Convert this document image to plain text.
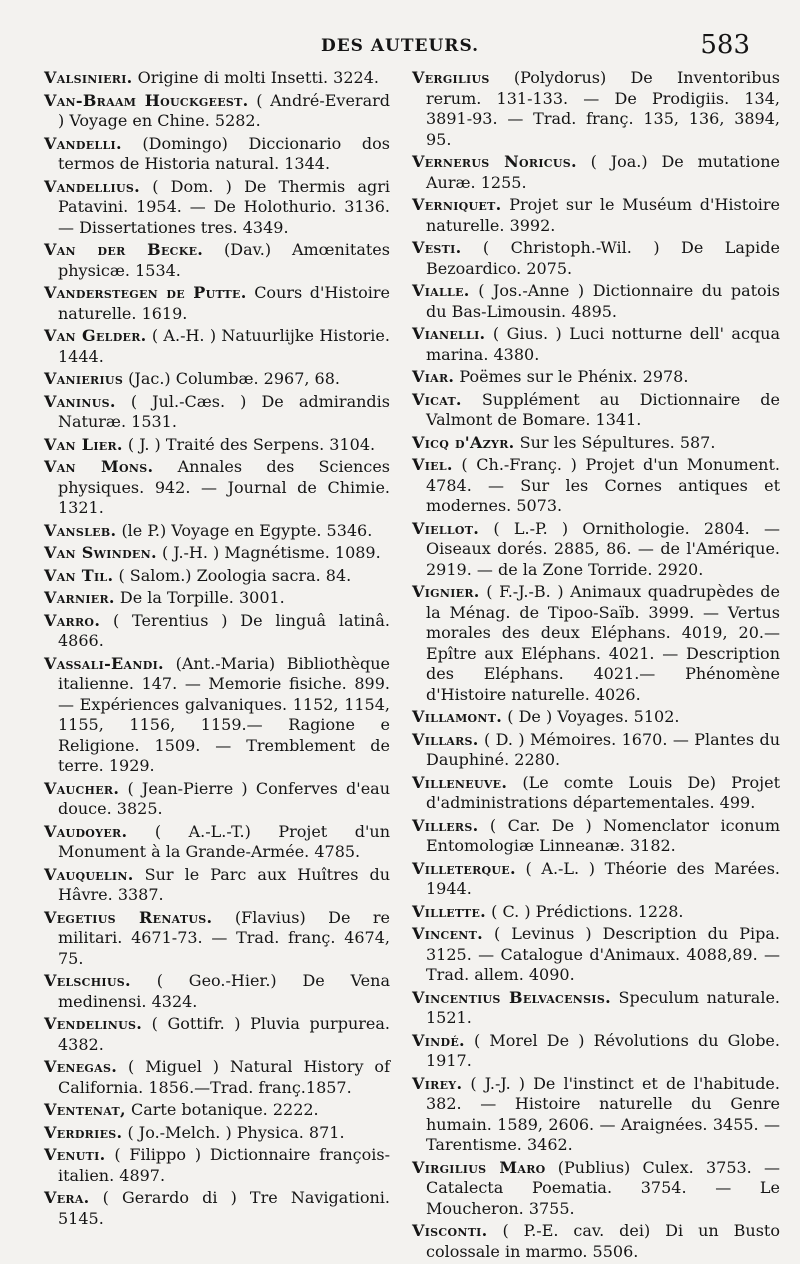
DES AUTEURS.	583

Valsinieri. Origine di molti Insetti. 3224.

Van-Braam Houckgeest. ( André-Everard ) Voyage en Chine. 5282.

Vandelli. (Domingo) Diccionario dos termos de Historia natural. 1344.

Vandellius. ( Dom. ) De Thermis agri Patavini. 1954. — De Holothurio. 3136. — Dissertationes tres. 4349.

Van der Becke. (Dav.) Amœnitates physicæ. 1534.

Vanderstegen de Putte. Cours d'Histoire naturelle. 1619.

Van Gelder. ( A.-H. ) Natuurlijke Historie. 1444.

Vanierius (Jac.) Columbæ. 2967, 68.

Vaninus. ( Jul.-Cæs. ) De admirandis Naturæ. 1531.

Van Lier. ( J. ) Traité des Serpens. 3104.

Van Mons. Annales des Sciences physiques. 942. — Journal de Chimie. 1321.

Vansleb. (le P.) Voyage en Egypte. 5346.

Van Swinden. ( J.-H. ) Magnétisme. 1089.

Van Til. ( Salom.) Zoologia sacra. 84.

Varnier. De la Torpille. 3001.

Varro. ( Terentius ) De linguâ latinâ. 4866.

Vassali-Eandi. (Ant.-Maria) Bibliothèque italienne. 147. — Memorie fisiche. 899. — Expériences galvaniques. 1152, 1154, 1155, 1156, 1159.— Ragione e Religione. 1509. — Tremblement de terre. 1929.

Vaucher. ( Jean-Pierre ) Conferves d'eau douce. 3825.

Vaudoyer. ( A.-L.-T.) Projet d'un Monument à la Grande-Armée. 4785.

Vauquelin. Sur le Parc aux Huîtres du Hâvre. 3387.

Vegetius Renatus. (Flavius) De re militari. 4671-73. — Trad. franç. 4674, 75.

Velschius. ( Geo.-Hier.) De Vena medinensi. 4324.

Vendelinus. ( Gottifr. ) Pluvia purpurea. 4382.

Venegas. ( Miguel ) Natural History of California. 1856.—Trad. franç.1857.

Ventenat, Carte botanique. 2222.

Verdries. ( Jo.-Melch. ) Physica. 871.

Venuti. ( Filippo ) Dictionnaire françois-italien. 4897.

Vera. ( Gerardo di ) Tre Navigationi. 5145.

Vergilius (Polydorus) De Inventoribus rerum. 131-133. — De Prodigiis. 134, 3891-93. — Trad. franç. 135, 136, 3894, 95.

Vernerus Noricus. ( Joa.) De mutatione Auræ. 1255.

Verniquet. Projet sur le Muséum d'Histoire naturelle. 3992.

Vesti. ( Christoph.-Wil. ) De Lapide Bezoardico. 2075.

Vialle. ( Jos.-Anne ) Dictionnaire du patois du Bas-Limousin. 4895.

Vianelli. ( Gius. ) Luci notturne dell' acqua marina. 4380.

Viar. Poëmes sur le Phénix. 2978.

Vicat. Supplément au Dictionnaire de Valmont de Bomare. 1341.

Vicq d'Azyr. Sur les Sépultures. 587.

Viel. ( Ch.-Franç. ) Projet d'un Monument. 4784. — Sur les Cornes antiques et modernes. 5073.

Viellot. ( L.-P. ) Ornithologie. 2804. — Oiseaux dorés. 2885, 86. — de l'Amérique. 2919. — de la Zone Torride. 2920.

Vignier. ( F.-J.-B. ) Animaux quadrupèdes de la Ménag. de Tipoo-Saïb. 3999. — Vertus morales des deux Eléphans. 4019, 20.—Epître aux Eléphans. 4021. — Description des Eléphans. 4021.— Phénomène d'Histoire naturelle. 4026.

Villamont. ( De ) Voyages. 5102.

Villars. ( D. ) Mémoires. 1670. — Plantes du Dauphiné. 2280.

Villeneuve. (Le comte Louis De) Projet d'administrations départementales. 499.

Villers. ( Car. De ) Nomenclator iconum Entomologiæ Linneanæ. 3182.

Villeterque. ( A.-L. ) Théorie des Marées. 1944.

Villette. ( C. ) Prédictions. 1228.

Vincent. ( Levinus ) Description du Pipa. 3125. — Catalogue d'Animaux. 4088,89. — Trad. allem. 4090.

Vincentius Belvacensis. Speculum naturale. 1521.

Vindé. ( Morel De ) Révolutions du Globe. 1917.

Virey. ( J.-J. ) De l'instinct et de l'habitude. 382. — Histoire naturelle du Genre humain. 1589, 2606. — Araignées. 3455. — Tarentisme. 3462.

Virgilius Maro (Publius) Culex. 3753. — Catalecta Poematia. 3754. — Le Moucheron. 3755.

Visconti. ( P.-E. cav. dei) Di un Busto colossale in marmo. 5506.
